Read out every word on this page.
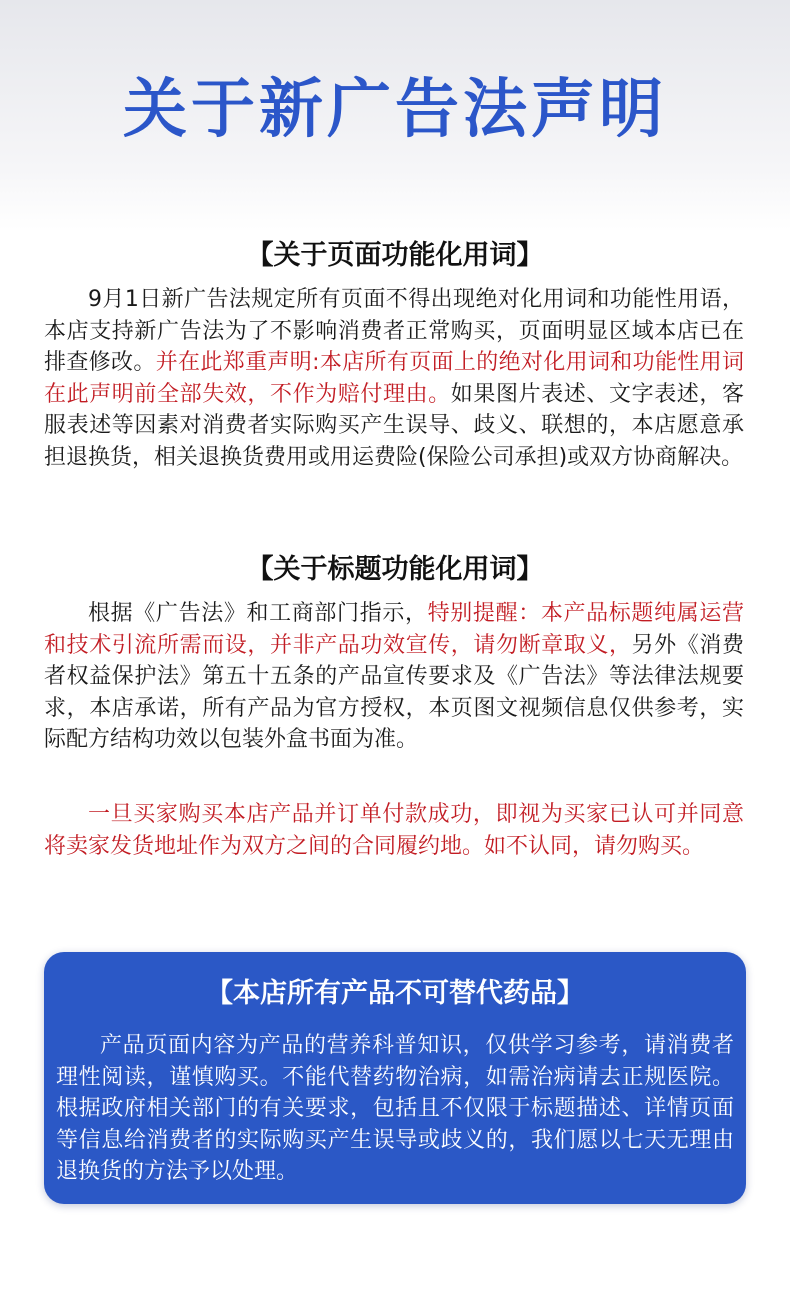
关于新广告法声明
【关于页面功能化用词】

9月1日新广告法规定所有页面不得出现绝对化用词和功能性用语，本店支持新广告法为了不影响消费者正常购买，页面明显区域本店已在排查修改。并在此郑重声明:本店所有页面上的绝对化用词和功能性用词在此声明前全部失效，不作为赔付理由。如果图片表述、文字表述，客服表述等因素对消费者实际购买产生误导、歧义、联想的，本店愿意承担退换货，相关退换货费用或用运费险(保险公司承担)或双方协商解决。

【关于标题功能化用词】

根据《广告法》和工商部门指示，特别提醒：本产品标题纯属运营和技术引流所需而设，并非产品功效宣传，请勿断章取义，另外《消费者权益保护法》第五十五条的产品宣传要求及《广告法》等法律法规要求，本店承诺，所有产品为官方授权，本页图文视频信息仅供参考，实际配方结构功效以包装外盒书面为准。

一旦买家购买本店产品并订单付款成功，即视为买家已认可并同意将卖家发货地址作为双方之间的合同履约地。如不认同，请勿购买。

【本店所有产品不可替代药品】

产品页面内容为产品的营养科普知识，仅供学习参考，请消费者理性阅读，谨慎购买。不能代替药物治病，如需治病请去正规医院。根据政府相关部门的有关要求，包括且不仅限于标题描述、详情页面等信息给消费者的实际购买产生误导或歧义的，我们愿以七天无理由退换货的方法予以处理。
